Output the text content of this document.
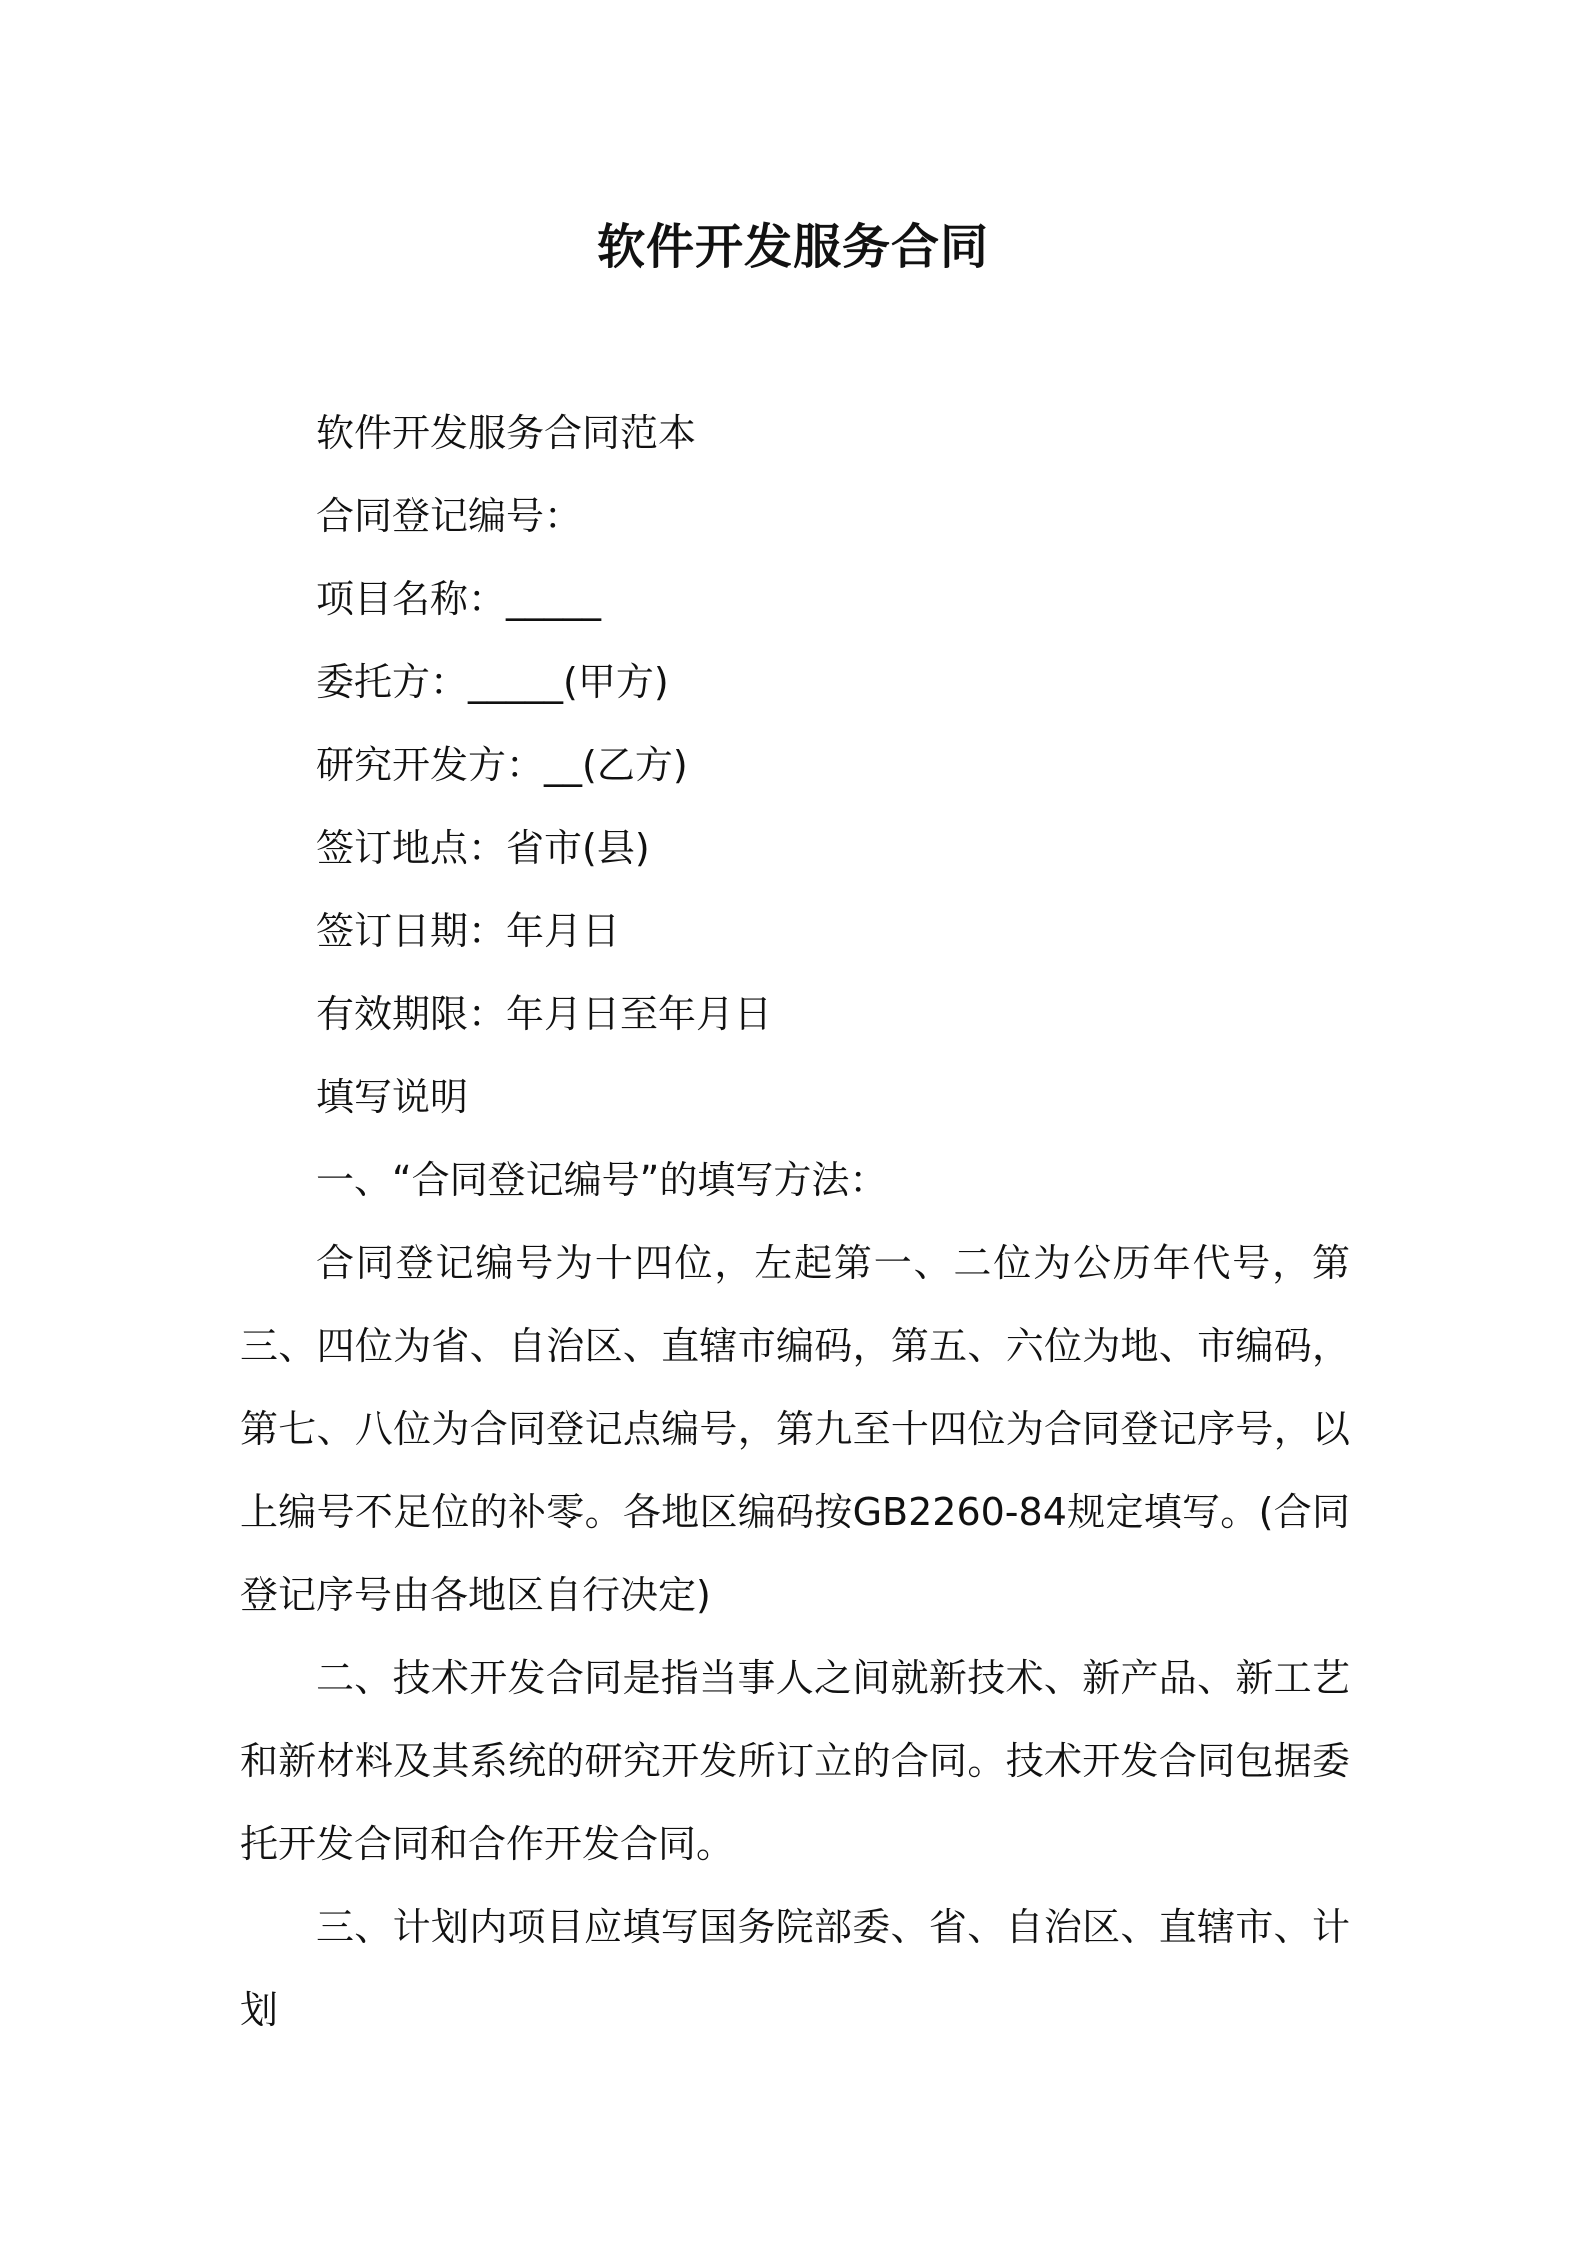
软件开发服务合同
软件开发服务合同范本
合同登记编号：
项目名称：_____
委托方：_____(甲方)
研究开发方：__(乙方)
签订地点：省市(县)
签订日期：年月日
有效期限：年月日至年月日
填写说明
一、“合同登记编号”的填写方法：
合同登记编号为十四位，左起第一、二位为公历年代号，第三、四位为省、自治区、直辖市编码，第五、六位为地、市编码，第七、八位为合同登记点编号，第九至十四位为合同登记序号，以上编号不足位的补零。各地区编码按GB2260-84规定填写。(合同登记序号由各地区自行决定)
二、技术开发合同是指当事人之间就新技术、新产品、新工艺和新材料及其系统的研究开发所订立的合同。技术开发合同包据委托开发合同和合作开发合同。
三、计划内项目应填写国务院部委、省、自治区、直辖市、计划
